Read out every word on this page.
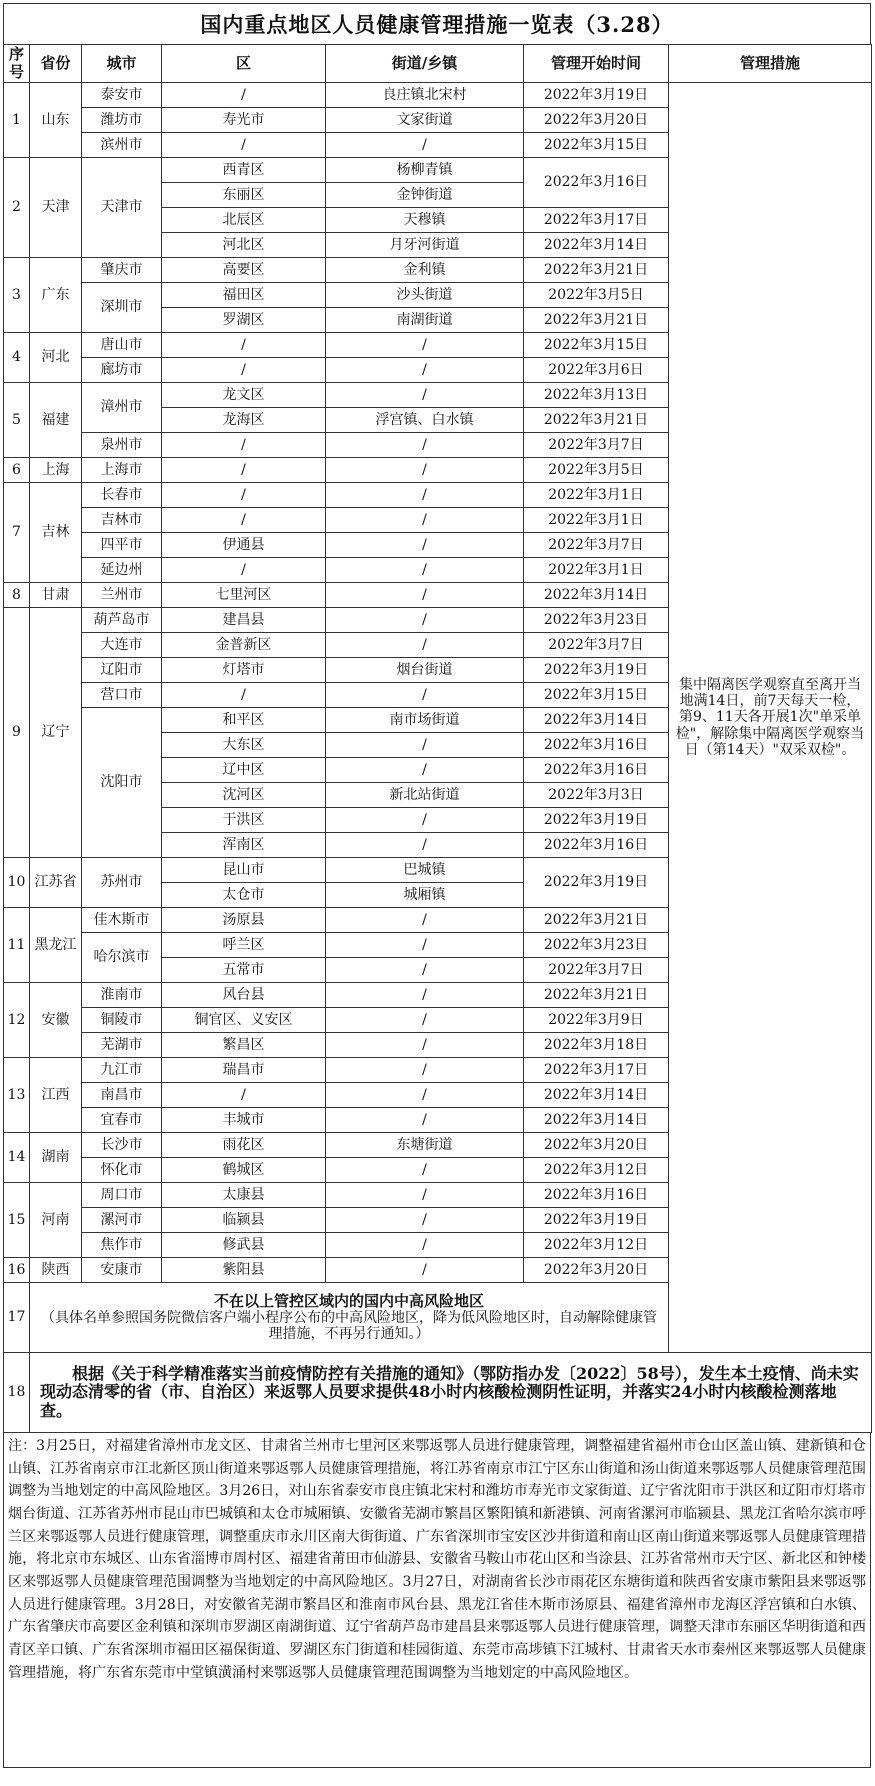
国内重点地区人员健康管理措施一览表（3.28）
序号	省份	城市	区	街道/乡镇	管理开始时间	管理措施
1	山东	泰安市	/	良庄镇北宋村	2022年3月19日	集中隔离医学观察直至离开当地满14日，前7天每天一检，第9、11天各开展1次"单采单检"，解除集中隔离医学观察当日（第14天）"双采双检"。
		潍坊市	寿光市	文家街道	2022年3月20日	
		滨州市	/	/	2022年3月15日	
2	天津	天津市	西青区	杨柳青镇	2022年3月16日	
			东丽区	金钟街道		
			北辰区	天穆镇	2022年3月17日	
			河北区	月牙河街道	2022年3月14日	
3	广东	肇庆市	高要区	金利镇	2022年3月21日	
		深圳市	福田区	沙头街道	2022年3月5日	
			罗湖区	南湖街道	2022年3月21日	
4	河北	唐山市	/	/	2022年3月15日	
		廊坊市	/	/	2022年3月6日	
5	福建	漳州市	龙文区	/	2022年3月13日	
			龙海区	浮宫镇、白水镇	2022年3月21日	
		泉州市	/	/	2022年3月7日	
6	上海	上海市	/	/	2022年3月5日	
7	吉林	长春市	/	/	2022年3月1日	
		吉林市	/	/	2022年3月1日	
		四平市	伊通县	/	2022年3月7日	
		延边州	/	/	2022年3月1日	
8	甘肃	兰州市	七里河区	/	2022年3月14日	
9	辽宁	葫芦岛市	建昌县	/	2022年3月23日	
		大连市	金普新区	/	2022年3月7日	
		辽阳市	灯塔市	烟台街道	2022年3月19日	
		营口市	/	/	2022年3月15日	
		沈阳市	和平区	南市场街道	2022年3月14日	
			大东区	/	2022年3月16日	
			辽中区	/	2022年3月16日	
			沈河区	新北站街道	2022年3月3日	
			于洪区	/	2022年3月19日	
			浑南区	/	2022年3月16日	
10	江苏省	苏州市	昆山市	巴城镇	2022年3月19日	
			太仓市	城厢镇		
11	黑龙江	佳木斯市	汤原县	/	2022年3月21日	
		哈尔滨市	呼兰区	/	2022年3月23日	
			五常市	/	2022年3月7日	
12	安徽	淮南市	风台县	/	2022年3月21日	
		铜陵市	铜官区、义安区	/	2022年3月9日	
		芜湖市	繁昌区	/	2022年3月18日	
13	江西	九江市	瑞昌市	/	2022年3月17日	
		南昌市	/	/	2022年3月14日	
		宜春市	丰城市	/	2022年3月14日	
14	湖南	长沙市	雨花区	东塘街道	2022年3月20日	
		怀化市	鹤城区	/	2022年3月12日	
15	河南	周口市	太康县	/	2022年3月16日	
		漯河市	临颍县	/	2022年3月19日	
		焦作市	修武县	/	2022年3月12日	
16	陕西	安康市	紫阳县	/	2022年3月20日	
17	不在以上管控区域内的国内中高风险地区
（具体名单参照国务院微信客户端小程序公布的中高风险地区，降为低风险地区时，自动解除健康管理措施，不再另行通知。）					

18	根据《关于科学精准落实当前疫情防控有关措施的通知》（鄂防指办发〔2022〕58号），发生本土疫情、尚未实现动态清零的省（市、自治区）来返鄂人员要求提供48小时内核酸检测阴性证明，并落实24小时内核酸检测落地查。					
注：3月25日，对福建省漳州市龙文区、甘肃省兰州市七里河区来鄂返鄂人员进行健康管理，调整福建省福州市仓山区盖山镇、建新镇和仓山镇、江苏省南京市江北新区顶山街道来鄂返鄂人员健康管理措施，将江苏省南京市江宁区东山街道和汤山街道来鄂返鄂人员健康管理范围调整为当地划定的中高风险地区。3月26日，对山东省泰安市良庄镇北宋村和潍坊市寿光市文家街道、辽宁省沈阳市于洪区和辽阳市灯塔市烟台街道、江苏省苏州市昆山市巴城镇和太仓市城厢镇、安徽省芜湖市繁昌区繁阳镇和新港镇、河南省漯河市临颍县、黑龙江省哈尔滨市呼兰区来鄂返鄂人员进行健康管理，调整重庆市永川区南大街街道、广东省深圳市宝安区沙井街道和南山区南山街道来鄂返鄂人员健康管理措施，将北京市东城区、山东省淄博市周村区、福建省莆田市仙游县、安徽省马鞍山市花山区和当涂县、江苏省常州市天宁区、新北区和钟楼区来鄂返鄂人员健康管理范围调整为当地划定的中高风险地区。3月27日，对湖南省长沙市雨花区东塘街道和陕西省安康市紫阳县来鄂返鄂人员进行健康管理。3月28日，对安徽省芜湖市繁昌区和淮南市风台县、黑龙江省佳木斯市汤原县、福建省漳州市龙海区浮宫镇和白水镇、广东省肇庆市高要区金利镇和深圳市罗湖区南湖街道、辽宁省葫芦岛市建昌县来鄂返鄂人员进行健康管理，调整天津市东丽区华明街道和西青区辛口镇、广东省深圳市福田区福保街道、罗湖区东门街道和桂园街道、东莞市高埗镇下江城村、甘肃省天水市秦州区来鄂返鄂人员健康管理措施，将广东省东莞市中堂镇潢涌村来鄂返鄂人员健康管理范围调整为当地划定的中高风险地区。
